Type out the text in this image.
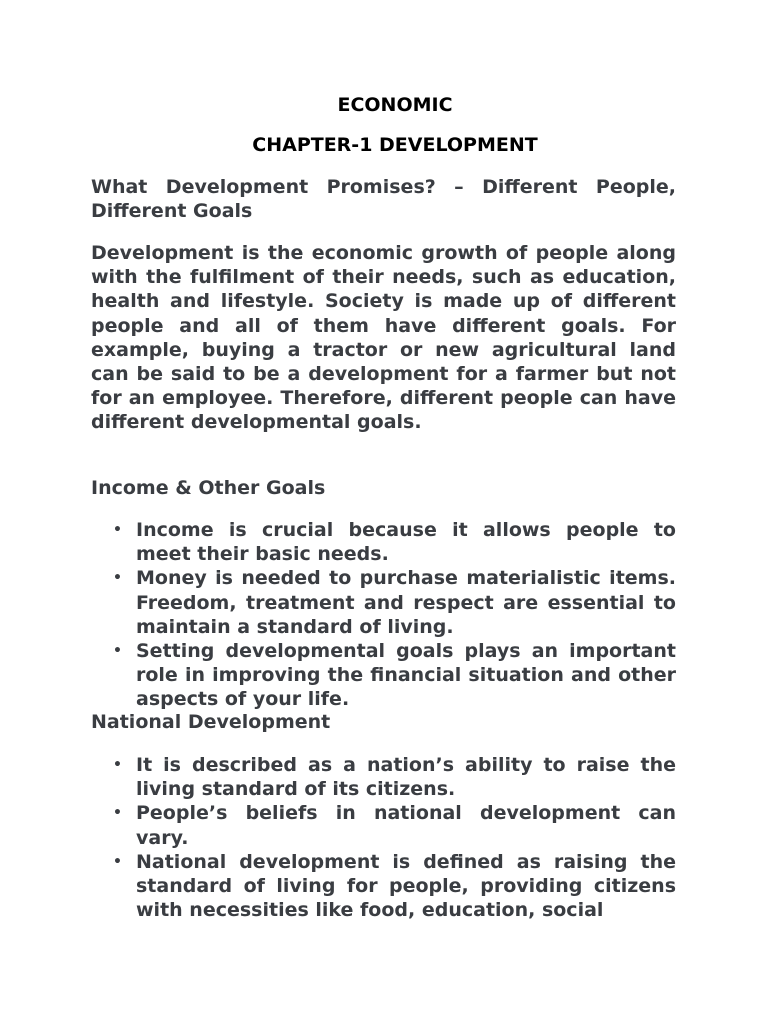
ECONOMIC
CHAPTER-1 DEVELOPMENT
What Development Promises? – Different People, Different Goals
Development is the economic growth of people along with the fulfilment of their needs, such as education, health and lifestyle. Society is made up of different people and all of them have different goals. For example, buying a tractor or new agricultural land can be said to be a development for a farmer but not for an employee. Therefore, different people can have different developmental goals.
Income & Other Goals
• Income is crucial because it allows people to meet their basic needs.
• Money is needed to purchase materialistic items. Freedom, treatment and respect are essential to maintain a standard of living.
• Setting developmental goals plays an important role in improving the financial situation and other aspects of your life.
National Development
• It is described as a nation’s ability to raise the living standard of its citizens.
• People’s beliefs in national development can vary.
• National development is defined as raising the standard of living for people, providing citizens with necessities like food, education, social
